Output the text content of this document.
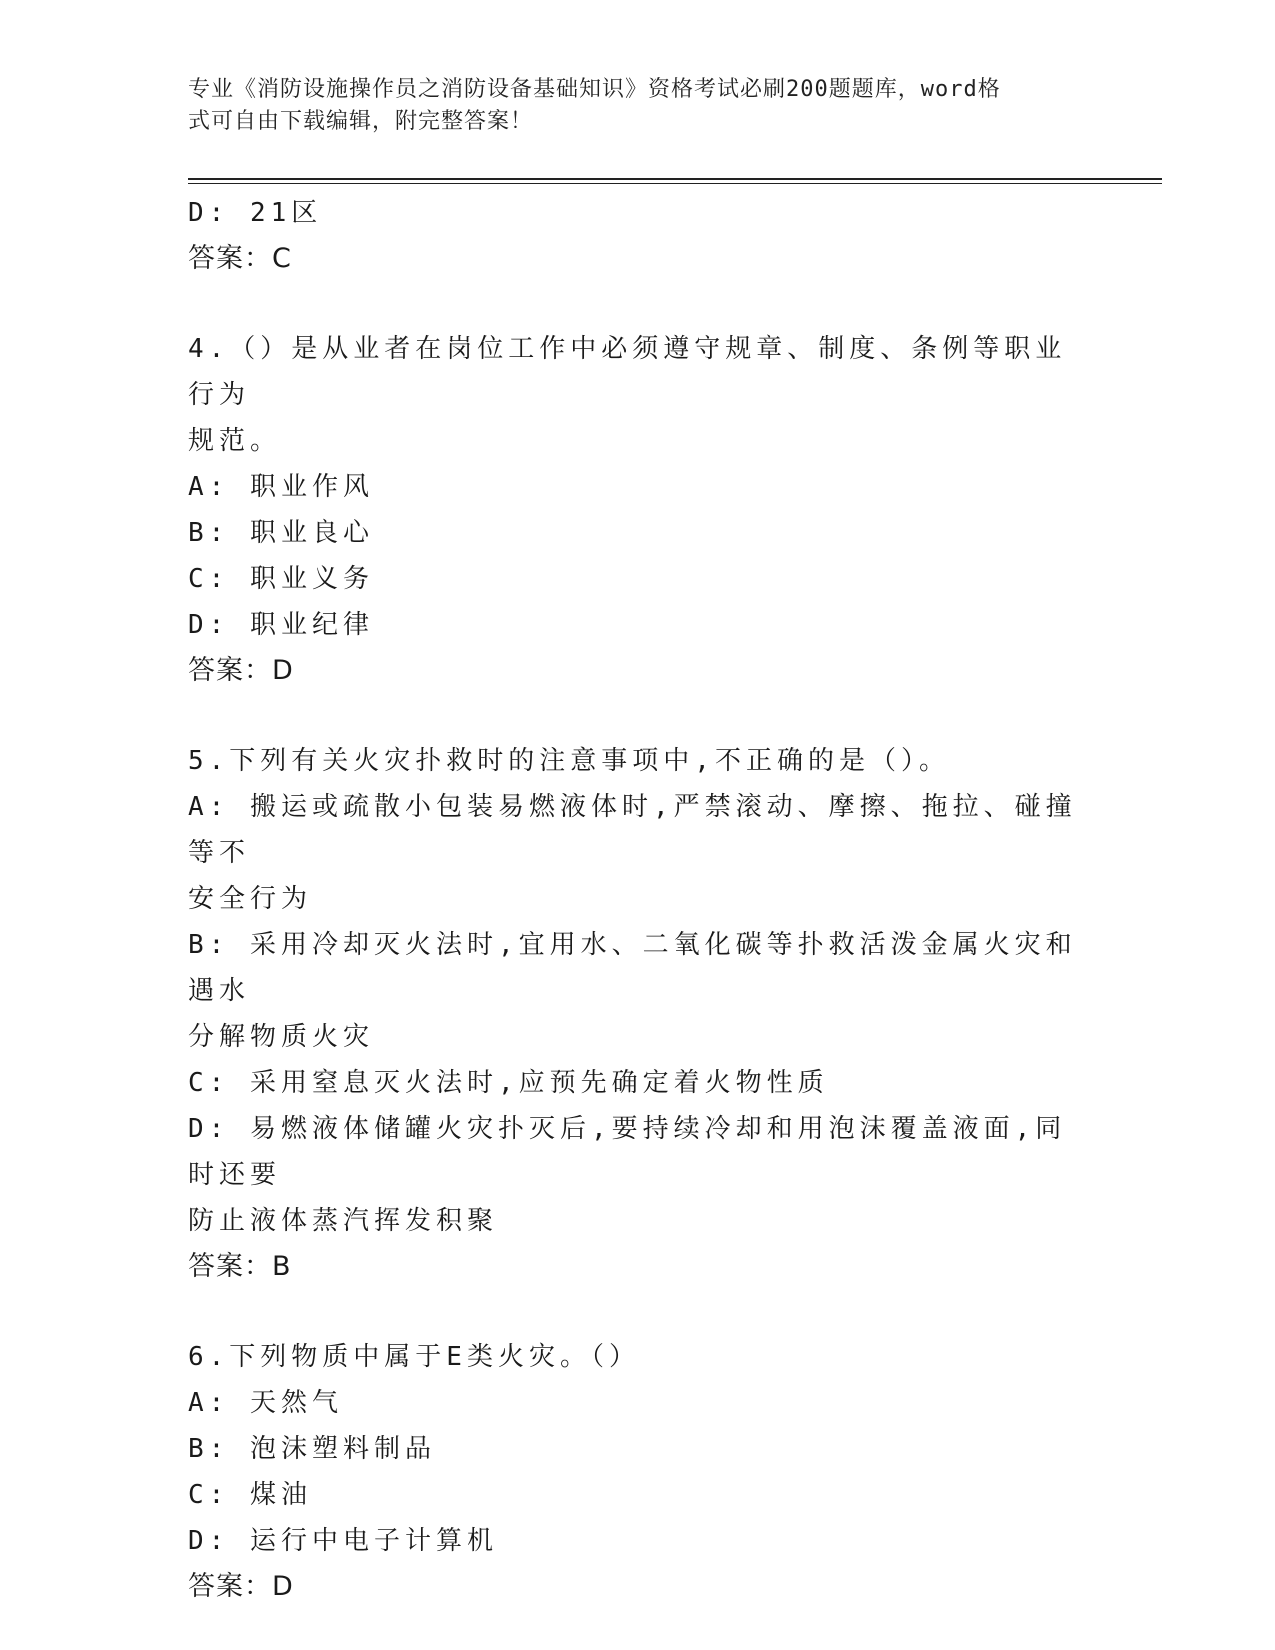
专业《消防设施操作员之消防设备基础知识》资格考试必刷200题题库，word格
式可自由下载编辑，附完整答案！
D: 21区
答案：C
4.（）是从业者在岗位工作中必须遵守规章、制度、条例等职业行为
规范。
A: 职业作风
B: 职业良心
C: 职业义务
D: 职业纪律
答案：D
5.下列有关火灾扑救时的注意事项中,不正确的是（）。
A: 搬运或疏散小包装易燃液体时,严禁滚动、摩擦、拖拉、碰撞等不
安全行为
B: 采用冷却灭火法时,宜用水、二氧化碳等扑救活泼金属火灾和遇水
分解物质火灾
C: 采用窒息灭火法时,应预先确定着火物性质
D: 易燃液体储罐火灾扑灭后,要持续冷却和用泡沫覆盖液面,同时还要
防止液体蒸汽挥发积聚
答案：B
6.下列物质中属于E类火灾。（）
A: 天然气
B: 泡沫塑料制品
C: 煤油
D: 运行中电子计算机
答案：D
